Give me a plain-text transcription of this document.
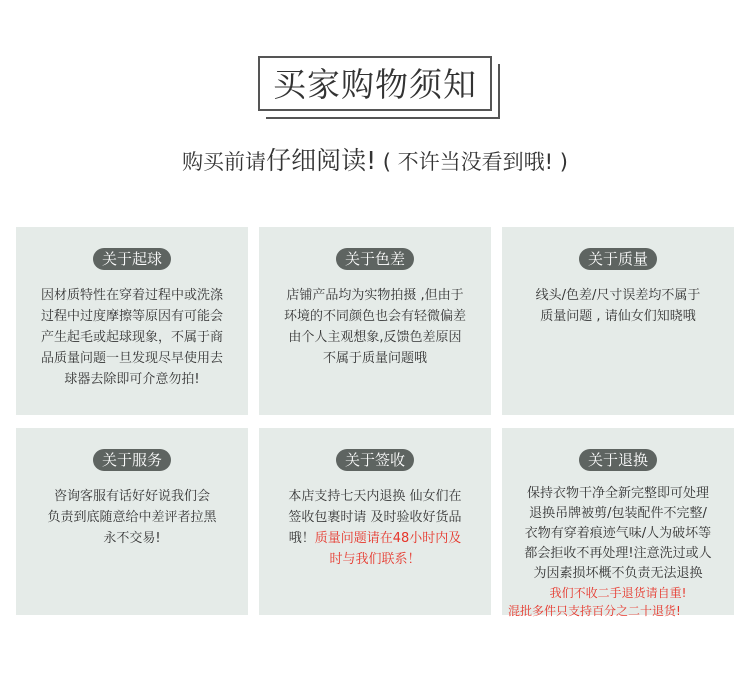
买家购物须知
购买前请仔细阅读! ( 不许当没看到哦! )
关于起球
因材质特性在穿着过程中或洗涤
过程中过度摩擦等原因有可能会
产生起毛或起球现象，不属于商
品质量问题一旦发现尽早使用去
球器去除即可介意勿拍!
关于色差
店铺产品均为实物拍摄 ,但由于
环境的不同颜色也会有轻微偏差
由个人主观想象,反馈色差原因
不属于质量问题哦
关于质量
线头/色差/尺寸误差均不属于
质量问题 , 请仙女们知晓哦
关于服务
咨询客服有话好好说我们会
负责到底随意给中差评者拉黑
永不交易!
关于签收
本店支持七天内退换 仙女们在
签收包裹时请 及时验收好货品
哦！质量问题请在48小时内及
时与我们联系！
关于退换
保持衣物干净全新完整即可处理
退换吊牌被剪/包装配件不完整/
衣物有穿着痕迹气味/人为破坏等
都会拒收不再处理!注意洗过或人
为因素损坏概不负责无法退换
我们不收二手退货请自重!
混批多件只支持百分之二十退货!
